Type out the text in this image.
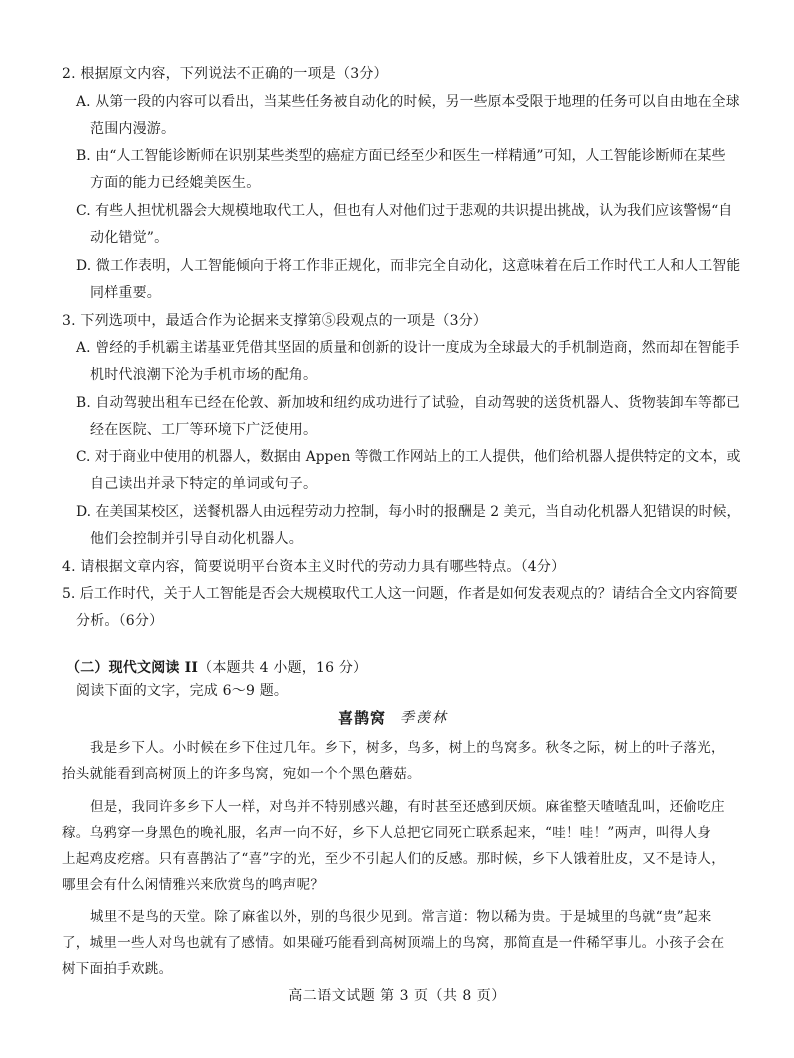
2. 根据原文内容，下列说法不正确的一项是（3分）
A. 从第一段的内容可以看出，当某些任务被自动化的时候，另一些原本受限于地理的任务可以自由地在全球
范围内漫游。
B. 由“人工智能诊断师在识别某些类型的癌症方面已经至少和医生一样精通”可知，人工智能诊断师在某些
方面的能力已经媲美医生。
C. 有些人担忧机器会大规模地取代工人，但也有人对他们过于悲观的共识提出挑战，认为我们应该警惕“自
动化错觉”。
D. 微工作表明，人工智能倾向于将工作非正规化，而非完全自动化，这意味着在后工作时代工人和人工智能
同样重要。
3. 下列选项中，最适合作为论据来支撑第⑤段观点的一项是（3分）
A. 曾经的手机霸主诺基亚凭借其坚固的质量和创新的设计一度成为全球最大的手机制造商，然而却在智能手
机时代浪潮下沦为手机市场的配角。
B. 自动驾驶出租车已经在伦敦、新加坡和纽约成功进行了试验，自动驾驶的送货机器人、货物装卸车等都已
经在医院、工厂等环境下广泛使用。
C. 对于商业中使用的机器人，数据由 Appen 等微工作网站上的工人提供，他们给机器人提供特定的文本，或
自己读出并录下特定的单词或句子。
D. 在美国某校区，送餐机器人由远程劳动力控制，每小时的报酬是 2 美元，当自动化机器人犯错误的时候，
他们会控制并引导自动化机器人。
4. 请根据文章内容，简要说明平台资本主义时代的劳动力具有哪些特点。（4分）
5. 后工作时代，关于人工智能是否会大规模取代工人这一问题，作者是如何发表观点的？请结合全文内容简要
分析。（6分）
（二）现代文阅读 II（本题共 4 小题，16 分）
阅读下面的文字，完成 6～9 题。
喜鹊窝 季羡林
我是乡下人。小时候在乡下住过几年。乡下，树多，鸟多，树上的鸟窝多。秋冬之际，树上的叶子落光，
抬头就能看到高树顶上的许多鸟窝，宛如一个个黑色蘑菇。
但是，我同许多乡下人一样，对鸟并不特别感兴趣，有时甚至还感到厌烦。麻雀整天喳喳乱叫，还偷吃庄
稼。乌鸦穿一身黑色的晚礼服，名声一向不好，乡下人总把它同死亡联系起来，“哇！哇！”两声，叫得人身
上起鸡皮疙瘩。只有喜鹊沾了“喜”字的光，至少不引起人们的反感。那时候，乡下人饿着肚皮，又不是诗人，
哪里会有什么闲情雅兴来欣赏鸟的鸣声呢？
城里不是鸟的天堂。除了麻雀以外，别的鸟很少见到。常言道：物以稀为贵。于是城里的鸟就“贵”起来
了，城里一些人对鸟也就有了感情。如果碰巧能看到高树顶端上的鸟窝，那简直是一件稀罕事儿。小孩子会在
树下面拍手欢跳。
高二语文试题 第 3 页（共 8 页）
